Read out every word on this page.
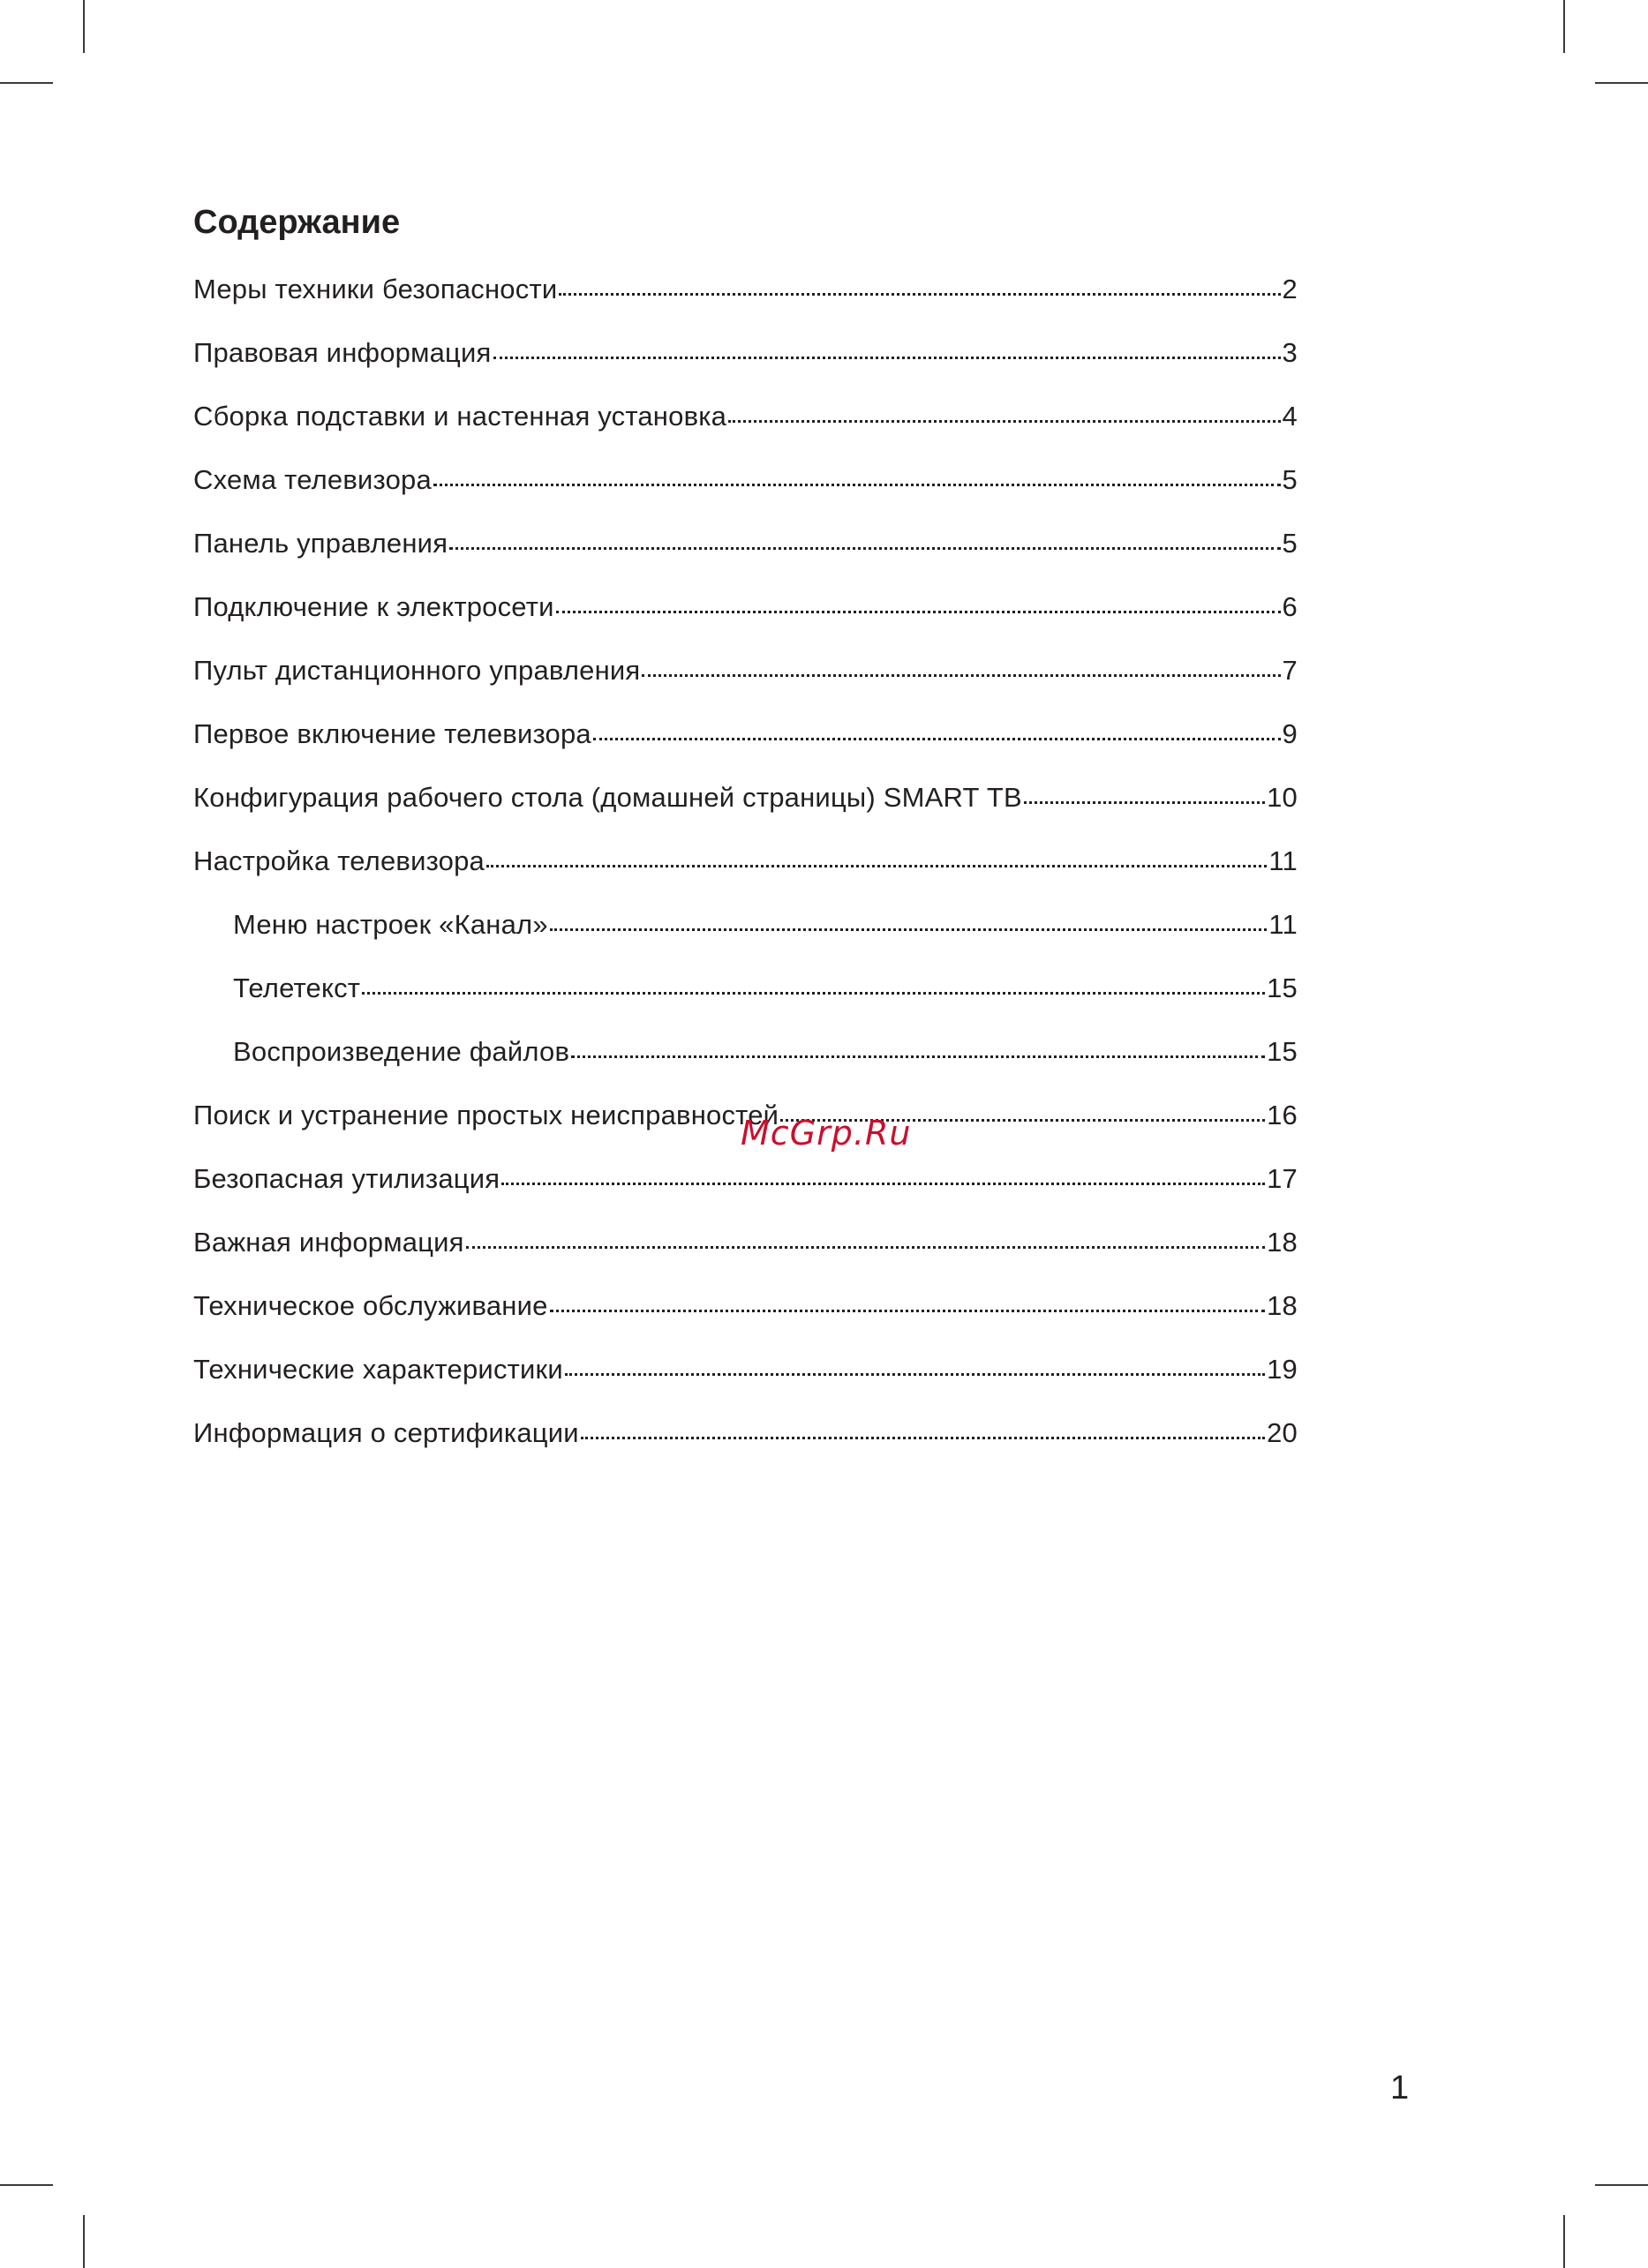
Содержание
Меры техники безопасности	2
Правовая информация	3
Сборка подставки и настенная установка	4
Схема телевизора	5
Панель управления	5
Подключение к электросети	6
Пульт дистанционного управления	7
Первое включение телевизора	9
Конфигурация рабочего стола (домашней страницы) SMART ТВ	10
Настройка телевизора	11
Меню настроек «Канал»	11
Телетекст	15
Воспроизведение файлов	15
Поиск и устранение простых неисправностей	16
Безопасная утилизация	17
Важная информация	18
Техническое обслуживание	18
Технические характеристики	19
Информация о сертификации	20
McGrp.Ru
1
